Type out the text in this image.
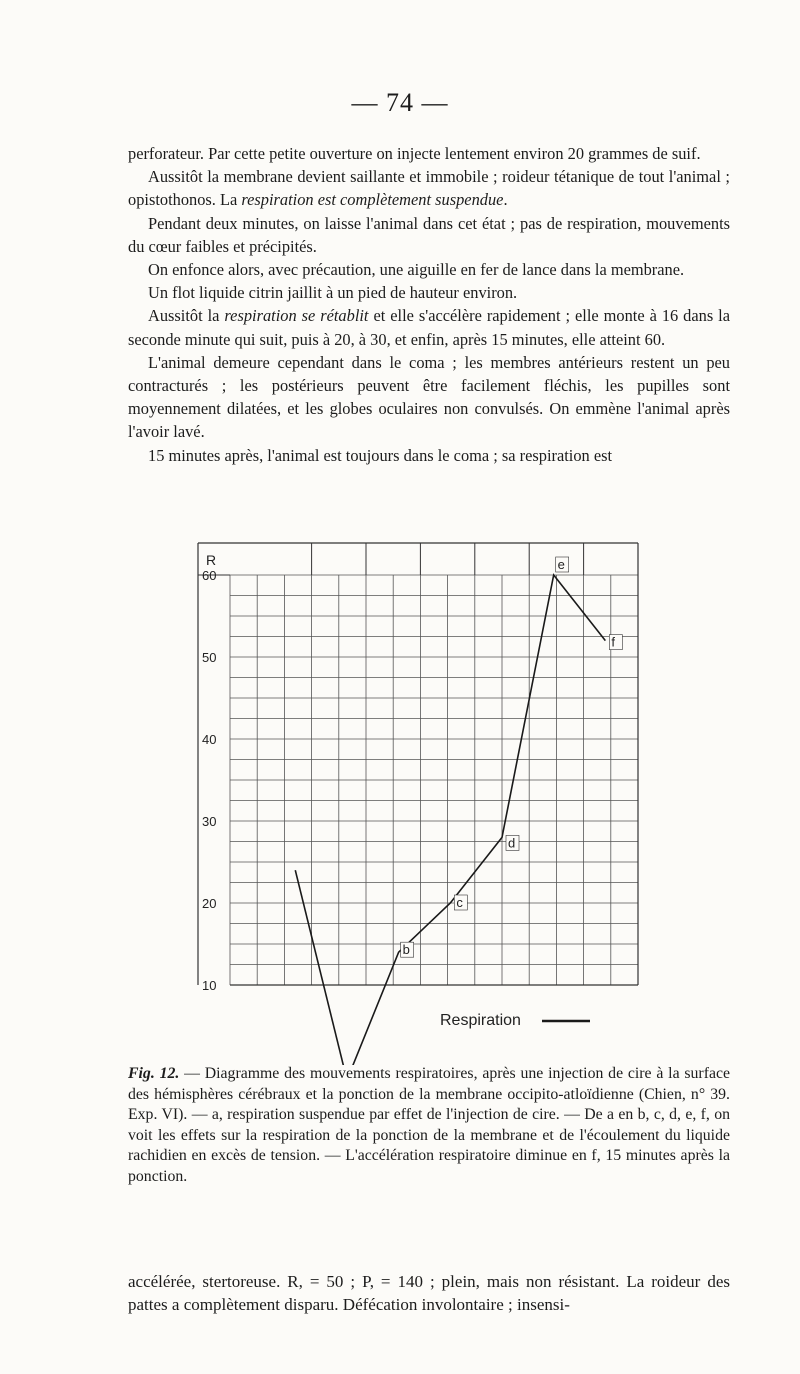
— 74 —

perforateur. Par cette petite ouverture on injecte lentement environ 20 grammes de suif.

Aussitôt la membrane devient saillante et immobile ; roideur tétanique de tout l'animal ; opistothonos. La respiration est complètement suspendue.

Pendant deux minutes, on laisse l'animal dans cet état ; pas de respiration, mouvements du cœur faibles et précipités.

On enfonce alors, avec précaution, une aiguille en fer de lance dans la membrane.

Un flot liquide citrin jaillit à un pied de hauteur environ.

Aussitôt la respiration se rétablit et elle s'accélère rapidement ; elle monte à 16 dans la seconde minute qui suit, puis à 20, à 30, et enfin, après 15 minutes, elle atteint 60.

L'animal demeure cependant dans le coma ; les membres antérieurs restent un peu contracturés ; les postérieurs peuvent être facilement fléchis, les pupilles sont moyennement dilatées, et les globes oculaires non convulsés. On emmène l'animal après l'avoir lavé.

15 minutes après, l'animal est toujours dans le coma ; sa respiration est

R
10
20
30
40
50
60
b
c
d
e
f
Respiration
Fig. 12. — Diagramme des mouvements respiratoires, après une injection de cire à la surface des hémisphères cérébraux et la ponction de la membrane occipito-atloïdienne (Chien, n° 39. Exp. VI). — a, respiration suspendue par effet de l'injection de cire. — De a en b, c, d, e, f, on voit les effets sur la respiration de la ponction de la membrane et de l'écoulement du liquide rachidien en excès de tension. — L'accélération respiratoire diminue en f, 15 minutes après la ponction.
accélérée, stertoreuse. R, = 50 ; P, = 140 ; plein, mais non résistant. La roideur des pattes a complètement disparu. Défécation involontaire ; insensi-
